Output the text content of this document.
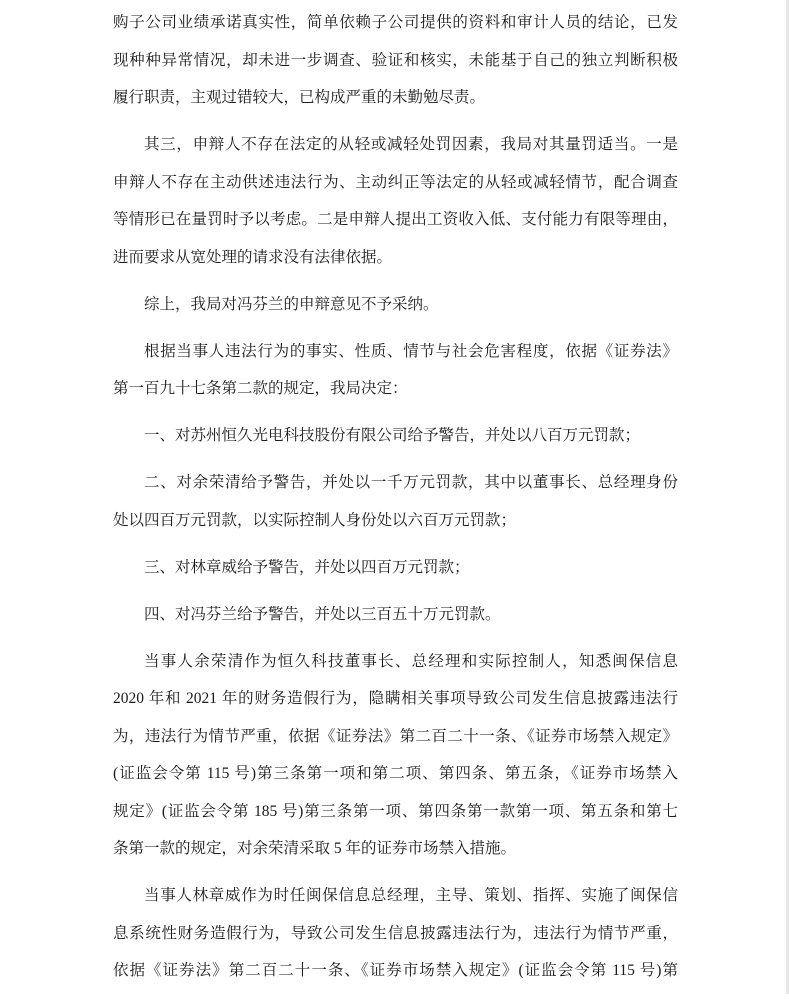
购子公司业绩承诺真实性，简单依赖子公司提供的资料和审计人员的结论，已发
现种种异常情况，却未进一步调查、验证和核实，未能基于自己的独立判断积极
履行职责，主观过错较大，已构成严重的未勤勉尽责。
其三，申辩人不存在法定的从轻或减轻处罚因素，我局对其量罚适当。一是
申辩人不存在主动供述违法行为、主动纠正等法定的从轻或减轻情节，配合调查
等情形已在量罚时予以考虑。二是申辩人提出工资收入低、支付能力有限等理由，
进而要求从宽处理的请求没有法律依据。
综上，我局对冯芬兰的申辩意见不予采纳。
根据当事人违法行为的事实、性质、情节与社会危害程度，依据《证券法》
第一百九十七条第二款的规定，我局决定：
一、对苏州恒久光电科技股份有限公司给予警告，并处以八百万元罚款；
二、对余荣清给予警告，并处以一千万元罚款，其中以董事长、总经理身份
处以四百万元罚款，以实际控制人身份处以六百万元罚款；
三、对林章威给予警告，并处以四百万元罚款；
四、对冯芬兰给予警告，并处以三百五十万元罚款。
当事人余荣清作为恒久科技董事长、总经理和实际控制人，知悉闽保信息
2020 年和 2021 年的财务造假行为，隐瞒相关事项导致公司发生信息披露违法行
为，违法行为情节严重，依据《证券法》第二百二十一条、《证券市场禁入规定》
(证监会令第 115 号)第三条第一项和第二项、第四条、第五条，《证券市场禁入
规定》(证监会令第 185 号)第三条第一项、第四条第一款第一项、第五条和第七
条第一款的规定，对余荣清采取 5 年的证券市场禁入措施。
当事人林章威作为时任闽保信息总经理，主导、策划、指挥、实施了闽保信
息系统性财务造假行为，导致公司发生信息披露违法行为，违法行为情节严重，
依据《证券法》第二百二十一条、《证券市场禁入规定》(证监会令第 115 号)第
